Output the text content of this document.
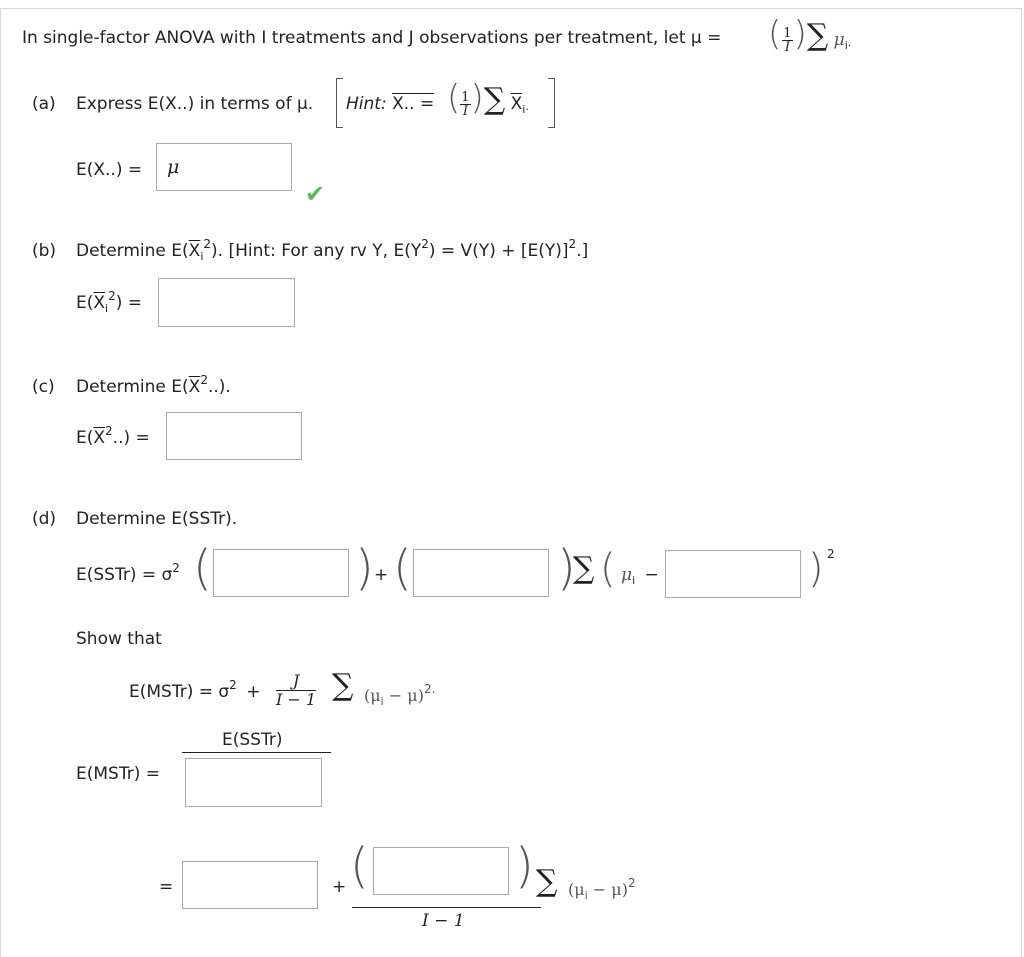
In single-factor ANOVA with I treatments and J observations per treatment, let μ = ( $\frac{1}{I}$ )∑ $\mu_{i\cdot}$
(a) Express E(X..) in terms of μ. Hint: X.. = ( $\frac{1}{I}$ )∑ $\overline{X}_{i\cdot}$
E(X..) =
μ
✔
(b) Determine $E(\overline{X}_i^2)$. [Hint: For any rv Y, $E(Y^2) = V(Y) + [E(Y)]^2$.]
$E(\overline{X}_i^2)$ =
(c) Determine $E(\overline{X}^2..)$.
$E(\overline{X}^2..)$ =
(d) Determine E(SSTr).
E(SSTr) = $\sigma^2$ (	) + (	)
∑ ( $\mu_i$ −	) 2
Show that
E(MSTr) = $\sigma^2 + \frac{J}{I - 1}$ ∑ $(\mu_i - \mu)^{2.}$
E(SSTr)
E(MSTr) =
=	+ (	) ∑ $(\mu_i - \mu)^2$
I − 1
